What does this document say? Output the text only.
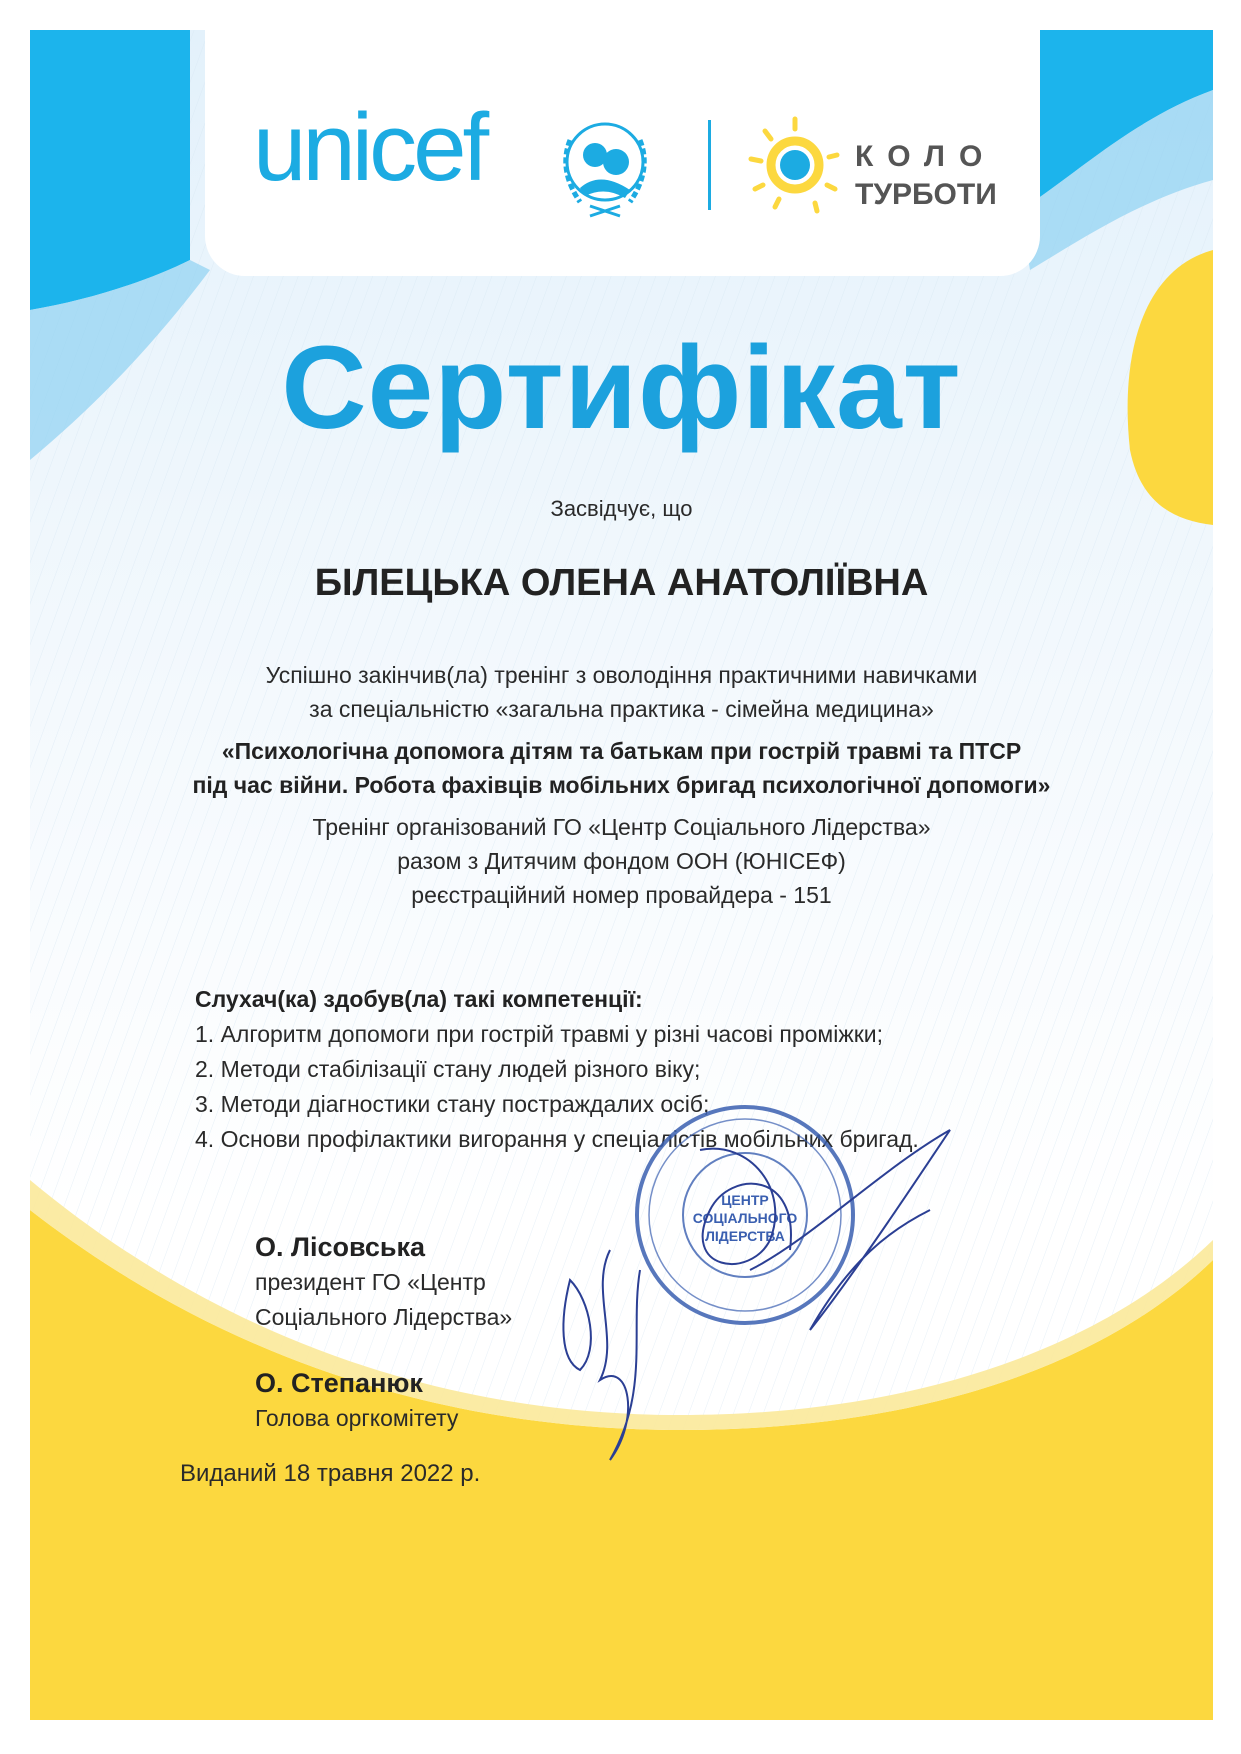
unicef	КОЛО
ТУРБОТИ
Сертифікат
Засвідчує, що
БІЛЕЦЬКА ОЛЕНА АНАТОЛІЇВНА
Успішно закінчив(ла) тренінг з оволодіння практичними навичками
за спеціальністю «загальна практика - сімейна медицина»
«Психологічна допомога дітям та батькам при гострій травмі та ПТСР
під час війни. Робота фахівців мобільних бригад психологічної допомоги»
Тренінг організований ГО «Центр Соціального Лідерства»
разом з Дитячим фондом ООН (ЮНІСЕФ)
реєстраційний номер провайдера - 151
Слухач(ка) здобув(ла) такі компетенції:
1. Алгоритм допомоги при гострій травмі у різні часові проміжки;
2. Методи стабілізації стану людей різного віку;
3. Методи діагностики стану постраждалих осіб;
4. Основи профілактики вигорання у спеціалістів мобільних бригад.
О. Лісовська
президент ГО «Центр
Соціального Лідерства»
О. Степанюк
Голова оргкомітету
ЦЕНТР
СОЦІАЛЬНОГО
ЛІДЕРСТВА
Виданий 18 травня 2022 р.
